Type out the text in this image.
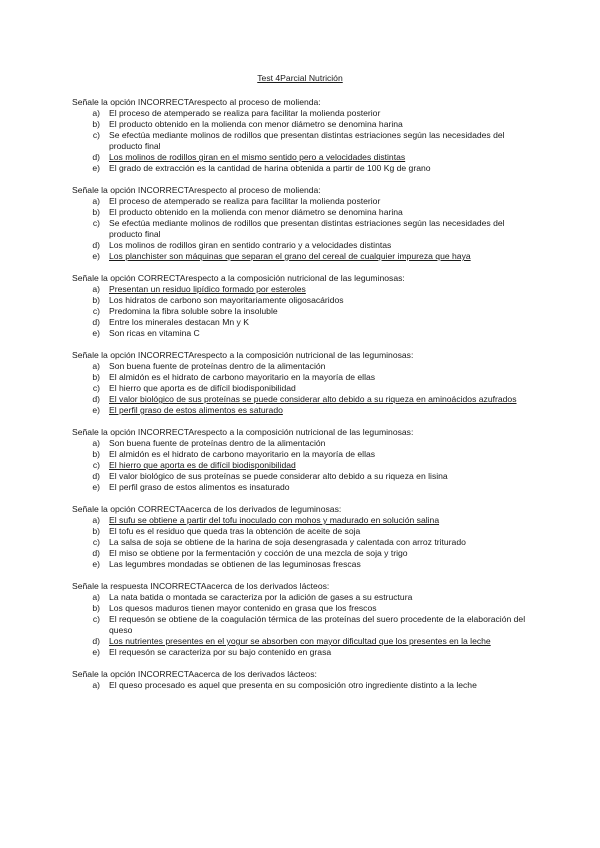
Test 4Parcial Nutrición

Señale la opción INCORRECTArespecto al proceso de molienda:

a)	El proceso de atemperado se realiza para facilitar la molienda posterior
b)	El producto obtenido en la molienda con menor diámetro se denomina harina
c)	Se efectúa mediante molinos de rodillos que presentan distintas estriaciones según las necesidades del producto final
d)	Los molinos de rodillos giran en el mismo sentido pero a velocidades distintas
e)	El grado de extracción es la cantidad de harina obtenida a partir de 100 Kg de grano

Señale la opción INCORRECTArespecto al proceso de molienda:

a)	El proceso de atemperado se realiza para facilitar la molienda posterior
b)	El producto obtenido en la molienda con menor diámetro se denomina harina
c)	Se efectúa mediante molinos de rodillos que presentan distintas estriaciones según las necesidades del producto final
d)	Los molinos de rodillos giran en sentido contrario y a velocidades distintas
e)	Los planchister son máquinas que separan el grano del cereal de cualquier impureza que haya

Señale la opción CORRECTArespecto a la composición nutricional de las leguminosas:

a)	Presentan un residuo lipídico formado por esteroles
b)	Los hidratos de carbono son mayoritariamente oligosacáridos
c)	Predomina la fibra soluble sobre la insoluble
d)	Entre los minerales destacan Mn y K
e)	Son ricas en vitamina C

Señale la opción INCORRECTArespecto a la composición nutricional de las leguminosas:

a)	Son buena fuente de proteínas dentro de la alimentación
b)	El almidón es el hidrato de carbono mayoritario en la mayoría de ellas
c)	El hierro que aporta es de difícil biodisponibilidad
d)	El valor biológico de sus proteínas se puede considerar alto debido a su riqueza en aminoácidos azufrados
e)	El perfil graso de estos alimentos es saturado

Señale la opción INCORRECTArespecto a la composición nutricional de las leguminosas:

a)	Son buena fuente de proteínas dentro de la alimentación
b)	El almidón es el hidrato de carbono mayoritario en la mayoría de ellas
c)	El hierro que aporta es de difícil biodisponibilidad
d)	El valor biológico de sus proteínas se puede considerar alto debido a su riqueza en lisina
e)	El perfil graso de estos alimentos es insaturado

Señale la opción CORRECTAacerca de los derivados de leguminosas:

a)	El sufu se obtiene a partir del tofu inoculado con mohos y madurado en solución salina
b)	El tofu es el residuo que queda tras la obtención de aceite de soja
c)	La salsa de soja se obtiene de la harina de soja desengrasada y calentada con arroz triturado
d)	El miso se obtiene por la fermentación y cocción de una mezcla de soja y trigo
e)	Las legumbres mondadas se obtienen de las leguminosas frescas

Señale la respuesta INCORRECTAacerca de los derivados lácteos:

a)	La nata batida o montada se caracteriza por la adición de gases a su estructura
b)	Los quesos maduros tienen mayor contenido en grasa que los frescos
c)	El requesón se obtiene de la coagulación térmica de las proteínas del suero procedente de la elaboración del queso
d)	Los nutrientes presentes en el yogur se absorben con mayor dificultad que los presentes en la leche
e)	El requesón se caracteriza por su bajo contenido en grasa

Señale la opción INCORRECTAacerca de los derivados lácteos:

a)	El queso procesado es aquel que presenta en su composición otro ingrediente distinto a la leche
